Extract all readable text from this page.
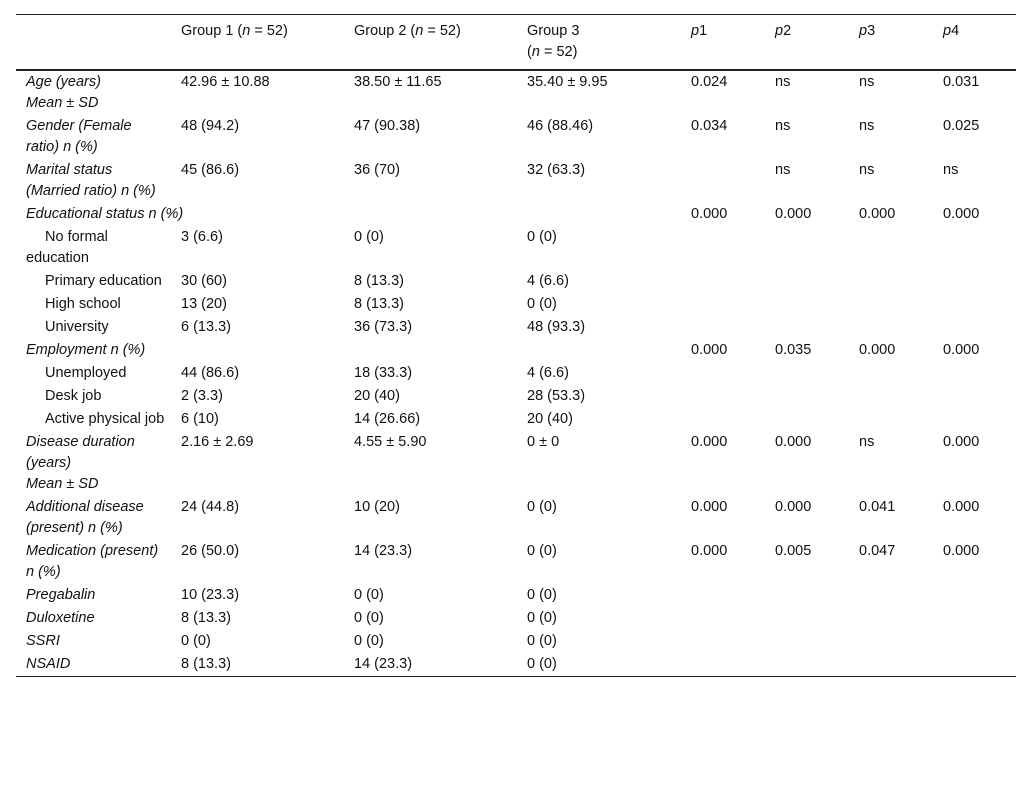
	Group 1 (n = 52)	Group 2 (n = 52)	Group 3
(n = 52)	p1	p2	p3	p4
Age (years)
Mean ± SD	42.96 ± 10.88	38.50 ± 11.65	35.40 ± 9.95	0.024	ns	ns	0.031
Gender (Female ratio) n (%)	48 (94.2)	47 (90.38)	46 (88.46)	0.034	ns	ns	0.025
Marital status (Married ratio) n (%)	45 (86.6)	36 (70)	32 (63.3)		ns	ns	ns
Educational status n (%)				0.000	0.000	0.000	0.000
No formal education	3 (6.6)	0 (0)	0 (0)				
Primary education	30 (60)	8 (13.3)	4 (6.6)				
High school	13 (20)	8 (13.3)	0 (0)				
University	6 (13.3)	36 (73.3)	48 (93.3)				
Employment n (%)				0.000	0.035	0.000	0.000
Unemployed	44 (86.6)	18 (33.3)	4 (6.6)				
Desk job	2 (3.3)	20 (40)	28 (53.3)				
Active physical job	6 (10)	14 (26.66)	20 (40)				
Disease duration (years)
Mean ± SD	2.16 ± 2.69	4.55 ± 5.90	0 ± 0	0.000	0.000	ns	0.000
Additional disease (present) n (%)	24 (44.8)	10 (20)	0 (0)	0.000	0.000	0.041	0.000
Medication (present) n (%)	26 (50.0)	14 (23.3)	0 (0)	0.000	0.005	0.047	0.000
Pregabalin	10 (23.3)	0 (0)	0 (0)				
Duloxetine	8 (13.3)	0 (0)	0 (0)				
SSRI	0 (0)	0 (0)	0 (0)				
NSAID	8 (13.3)	14 (23.3)	0 (0)				
